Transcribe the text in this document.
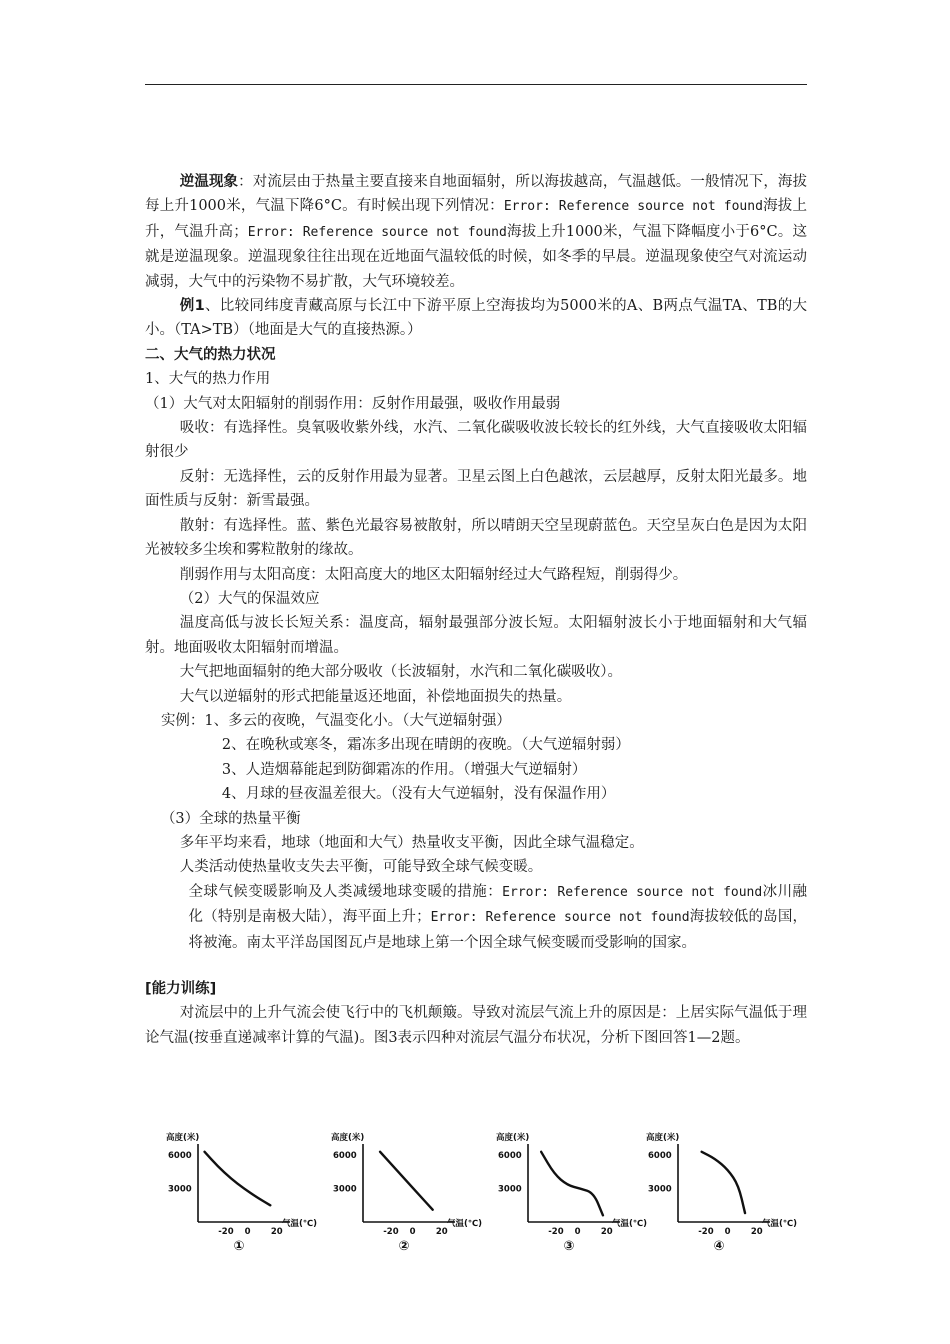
逆温现象：对流层由于热量主要直接来自地面辐射，所以海拔越高，气温越低。一般情况下，海拔每上升1000米，气温下降6°C。有时候出现下列情况：Error: Reference source not found海拔上升，气温升高；Error: Reference source not found海拔上升1000米，气温下降幅度小于6°C。这就是逆温现象。逆温现象往往出现在近地面气温较低的时候，如冬季的早晨。逆温现象使空气对流运动减弱，大气中的污染物不易扩散，大气环境较差。

例1、比较同纬度青藏高原与长江中下游平原上空海拔均为5000米的A、B两点气温TA、TB的大小。（TA>TB）（地面是大气的直接热源。）

二、大气的热力状况

1、大气的热力作用

（1）大气对太阳辐射的削弱作用：反射作用最强，吸收作用最弱

吸收：有选择性。臭氧吸收紫外线，水汽、二氧化碳吸收波长较长的红外线，大气直接吸收太阳辐射很少

反射：无选择性，云的反射作用最为显著。卫星云图上白色越浓，云层越厚，反射太阳光最多。地面性质与反射：新雪最强。

散射：有选择性。蓝、紫色光最容易被散射，所以晴朗天空呈现蔚蓝色。天空呈灰白色是因为太阳光被较多尘埃和雾粒散射的缘故。

削弱作用与太阳高度：太阳高度大的地区太阳辐射经过大气路程短，削弱得少。

（2）大气的保温效应

温度高低与波长长短关系：温度高，辐射最强部分波长短。太阳辐射波长小于地面辐射和大气辐射。地面吸收太阳辐射而增温。

大气把地面辐射的绝大部分吸收（长波辐射，水汽和二氧化碳吸收）。

大气以逆辐射的形式把能量返还地面，补偿地面损失的热量。

实例：1、多云的夜晚，气温变化小。（大气逆辐射强）

2、在晚秋或寒冬，霜冻多出现在晴朗的夜晚。（大气逆辐射弱）

3、人造烟幕能起到防御霜冻的作用。（增强大气逆辐射）

4、月球的昼夜温差很大。（没有大气逆辐射，没有保温作用）

（3）全球的热量平衡

多年平均来看，地球（地面和大气）热量收支平衡，因此全球气温稳定。

人类活动使热量收支失去平衡，可能导致全球气候变暖。

全球气候变暖影响及人类减缓地球变暖的措施：Error: Reference source not found冰川融化（特别是南极大陆），海平面上升；Error: Reference source not found海拔较低的岛国，将被淹。南太平洋岛国图瓦卢是地球上第一个因全球气候变暖而受影响的国家。

[能力训练]

对流层中的上升气流会使飞行中的飞机颠簸。导致对流层气流上升的原因是：上居实际气温低于理论气温(按垂直递减率计算的气温)。图3表示四种对流层气温分布状况，分析下图回答1—2题。

高度(米)
气温(℃)
6000
3000
-20 0 20
①
高度(米)
气温(℃)
6000
3000
-20 0 20
②
高度(米)
气温(℃)
6000
3000
-20 0 20
③
高度(米)
气温(℃)
6000
3000
-20 0 20
④
